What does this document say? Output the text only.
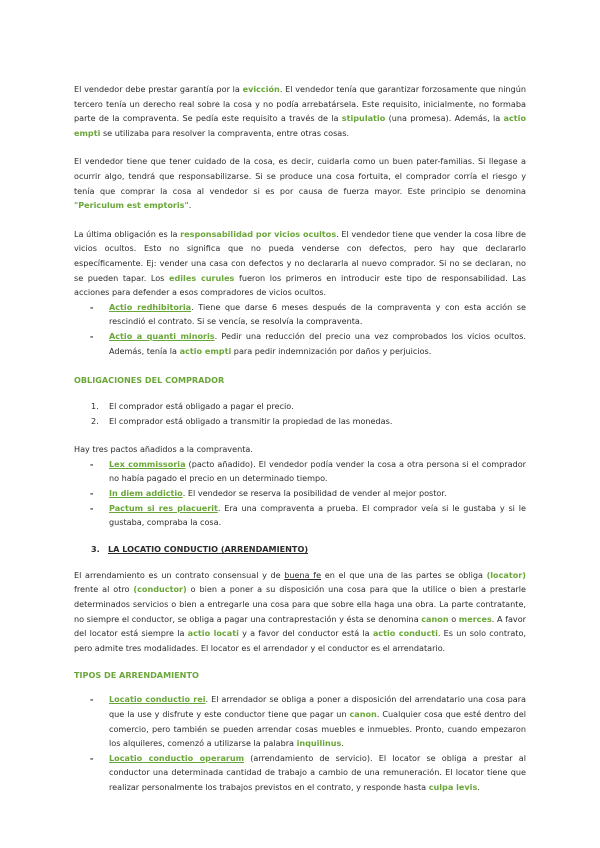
El vendedor debe prestar garantía por la evicción. El vendedor tenía que garantizar forzosamente que ningún tercero tenía un derecho real sobre la cosa y no podía arrebatársela. Este requisito, inicialmente, no formaba parte de la compraventa. Se pedía este requisito a través de la stipulatio (una promesa). Además, la actio empti se utilizaba para resolver la compraventa, entre otras cosas.

El vendedor tiene que tener cuidado de la cosa, es decir, cuidarla como un buen pater-familias. Si llegase a ocurrir algo, tendrá que responsabilizarse. Si se produce una cosa fortuita, el comprador corría el riesgo y tenía que comprar la cosa al vendedor si es por causa de fuerza mayor. Este principio se denomina "Periculum est emptoris".

La última obligación es la responsabilidad por vicios ocultos. El vendedor tiene que vender la cosa libre de vicios ocultos. Esto no significa que no pueda venderse con defectos, pero hay que declararlo específicamente. Ej: vender una casa con defectos y no declararla al nuevo comprador. Si no se declaran, no se pueden tapar. Los ediles curules fueron los primeros en introducir este tipo de responsabilidad. Las acciones para defender a esos compradores de vicios ocultos.

- Actio redhibitoria. Tiene que darse 6 meses después de la compraventa y con esta acción se rescindió el contrato. Si se vencía, se resolvía la compraventa.
- Actio a quanti minoris. Pedir una reducción del precio una vez comprobados los vicios ocultos. Además, tenía la actio empti para pedir indemnización por daños y perjuicios.

OBLIGACIONES DEL COMPRADOR

1. El comprador está obligado a pagar el precio.
2. El comprador está obligado a transmitir la propiedad de las monedas.

Hay tres pactos añadidos a la compraventa.

- Lex commissoria (pacto añadido). El vendedor podía vender la cosa a otra persona si el comprador no había pagado el precio en un determinado tiempo.
- In diem addictio. El vendedor se reserva la posibilidad de vender al mejor postor.
- Pactum si res placuerit. Era una compraventa a prueba. El comprador veía si le gustaba y si le gustaba, compraba la cosa.

3. LA LOCATIO CONDUCTIO (ARRENDAMIENTO)

El arrendamiento es un contrato consensual y de buena fe en el que una de las partes se obliga (locator) frente al otro (conductor) o bien a poner a su disposición una cosa para que la utilice o bien a prestarle determinados servicios o bien a entregarle una cosa para que sobre ella haga una obra. La parte contratante, no siempre el conductor, se obliga a pagar una contraprestación y ésta se denomina canon o merces. A favor del locator está siempre la actio locati y a favor del conductor está la actio conducti. Es un solo contrato, pero admite tres modalidades. El locator es el arrendador y el conductor es el arrendatario.

TIPOS DE ARRENDAMIENTO

- Locatio conductio rei. El arrendador se obliga a poner a disposición del arrendatario una cosa para que la use y disfrute y este conductor tiene que pagar un canon. Cualquier cosa que esté dentro del comercio, pero también se pueden arrendar cosas muebles e inmuebles. Pronto, cuando empezaron los alquileres, comenzó a utilizarse la palabra inquilinus.
- Locatio conductio operarum (arrendamiento de servicio). El locator se obliga a prestar al conductor una determinada cantidad de trabajo a cambio de una remuneración. El locator tiene que realizar personalmente los trabajos previstos en el contrato, y responde hasta culpa levis.
